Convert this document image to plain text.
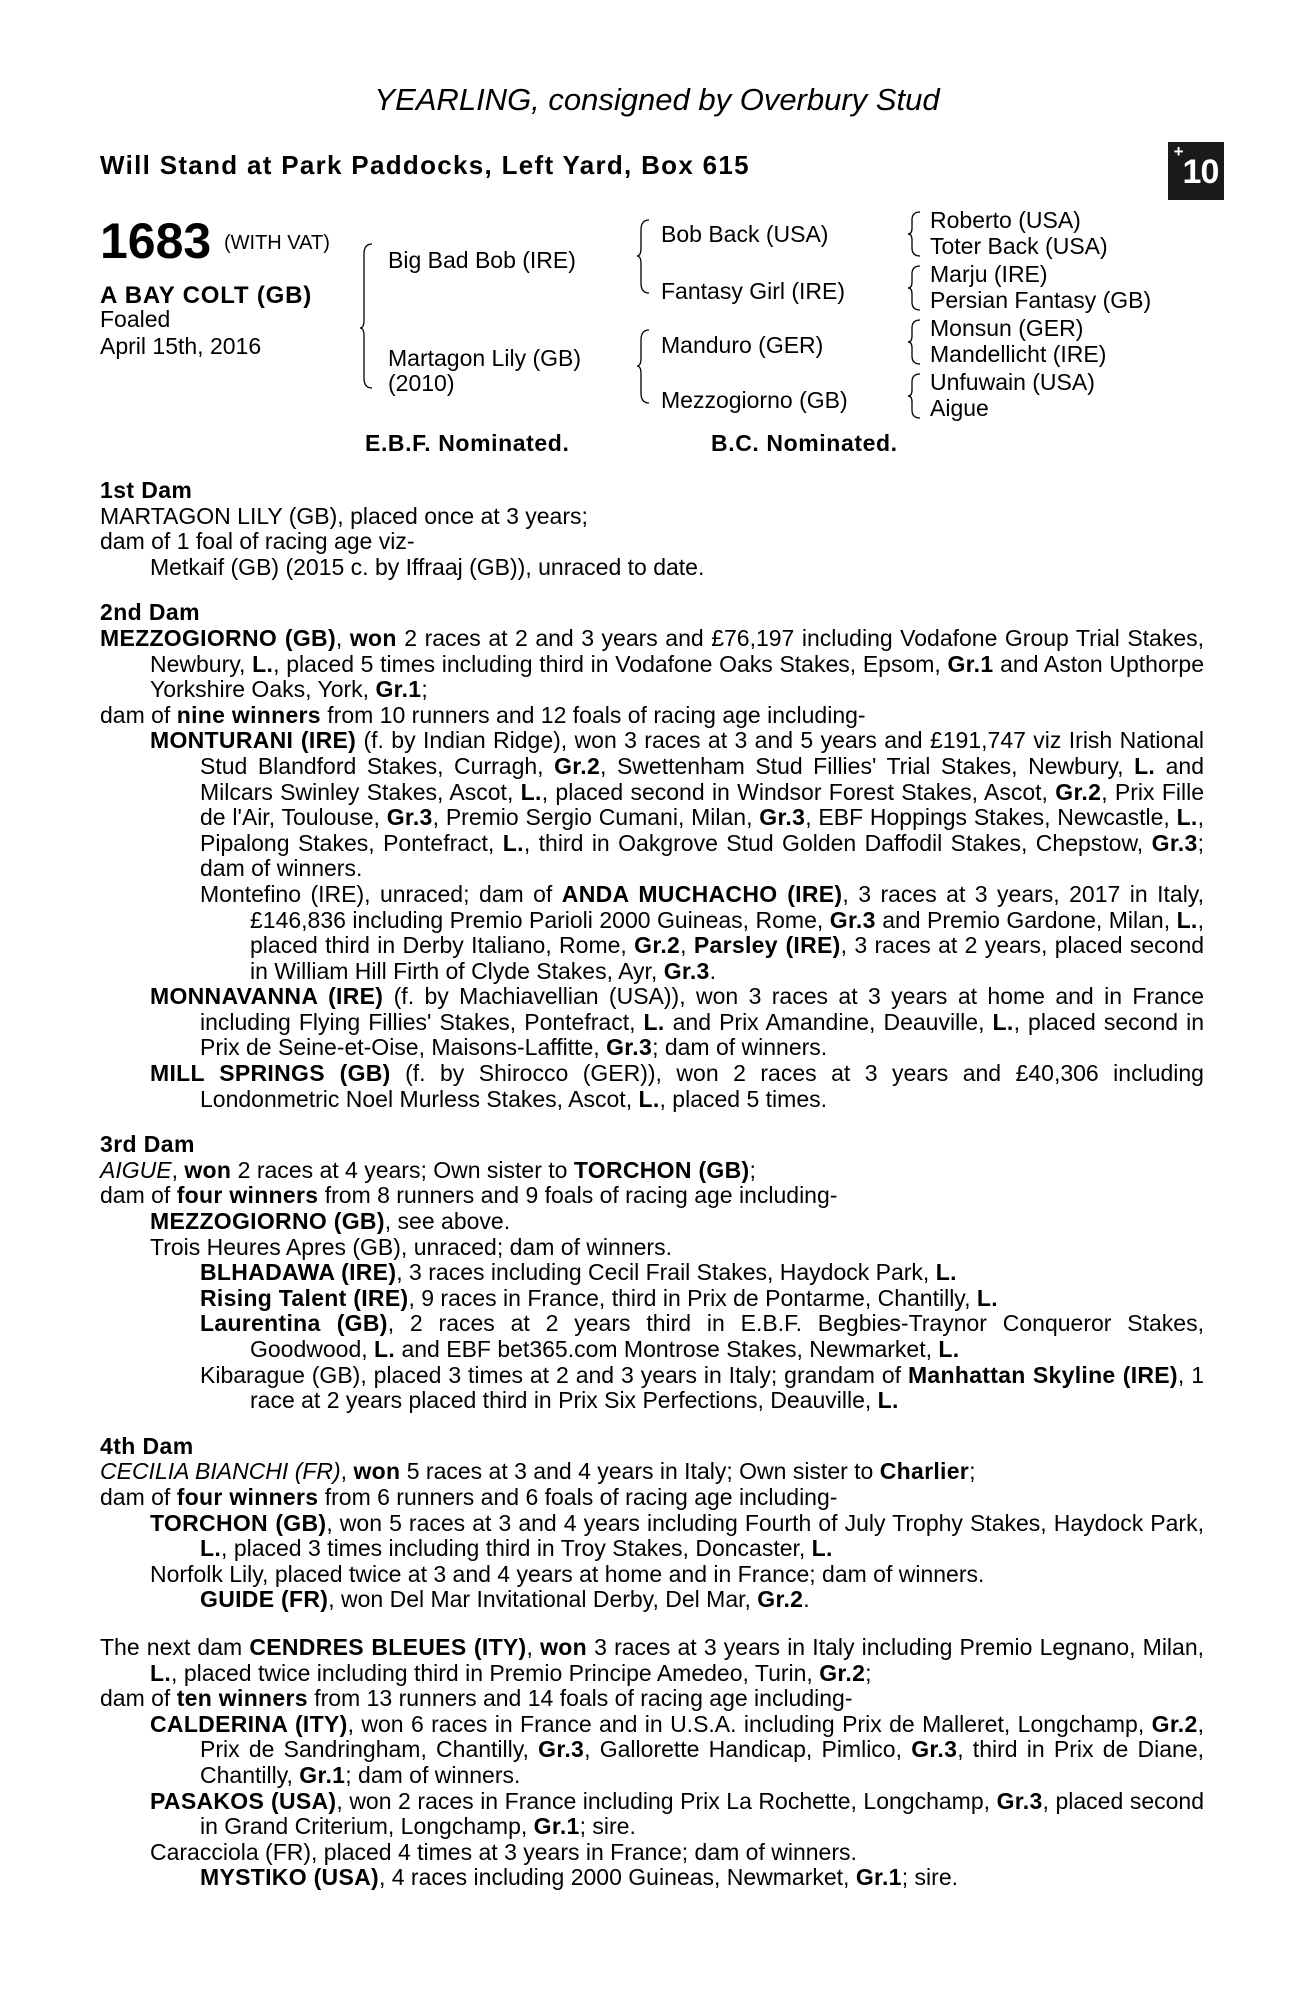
YEARLING, consigned by Overbury Stud
Will Stand at Park Paddocks, Left Yard, Box 615	+10
1683 (WITH VAT)
A BAY COLT (GB)
Foaled
April 15th, 2016
Big Bad Bob (IRE)
Martagon Lily (GB)
(2010)
Bob Back (USA)
Fantasy Girl (IRE)
Manduro (GER)
Mezzogiorno (GB)
Roberto (USA)
Toter Back (USA)
Marju (IRE)
Persian Fantasy (GB)
Monsun (GER)
Mandellicht (IRE)
Unfuwain (USA)
Aigue
E.B.F. Nominated.	B.C. Nominated.
1st Dam

MARTAGON LILY (GB), placed once at 3 years;

dam of 1 foal of racing age viz-

Metkaif (GB) (2015 c. by Iffraaj (GB)), unraced to date.

2nd Dam

MEZZOGIORNO (GB), won 2 races at 2 and 3 years and £76,197 including Vodafone Group Trial Stakes, Newbury, L., placed 5 times including third in Vodafone Oaks Stakes, Epsom, Gr.1 and Aston Upthorpe Yorkshire Oaks, York, Gr.1;

dam of nine winners from 10 runners and 12 foals of racing age including-

MONTURANI (IRE) (f. by Indian Ridge), won 3 races at 3 and 5 years and £191,747 viz Irish National Stud Blandford Stakes, Curragh, Gr.2, Swettenham Stud Fillies' Trial Stakes, Newbury, L. and Milcars Swinley Stakes, Ascot, L., placed second in Windsor Forest Stakes, Ascot, Gr.2, Prix Fille de l'Air, Toulouse, Gr.3, Premio Sergio Cumani, Milan, Gr.3, EBF Hoppings Stakes, Newcastle, L., Pipalong Stakes, Pontefract, L., third in Oakgrove Stud Golden Daffodil Stakes, Chepstow, Gr.3; dam of winners.

Montefino (IRE), unraced; dam of ANDA MUCHACHO (IRE), 3 races at 3 years, 2017 in Italy, £146,836 including Premio Parioli 2000 Guineas, Rome, Gr.3 and Premio Gardone, Milan, L., placed third in Derby Italiano, Rome, Gr.2, Parsley (IRE), 3 races at 2 years, placed second in William Hill Firth of Clyde Stakes, Ayr, Gr.3.

MONNAVANNA (IRE) (f. by Machiavellian (USA)), won 3 races at 3 years at home and in France including Flying Fillies' Stakes, Pontefract, L. and Prix Amandine, Deauville, L., placed second in Prix de Seine-et-Oise, Maisons-Laffitte, Gr.3; dam of winners.

MILL SPRINGS (GB) (f. by Shirocco (GER)), won 2 races at 3 years and £40,306 including Londonmetric Noel Murless Stakes, Ascot, L., placed 5 times.

3rd Dam

AIGUE, won 2 races at 4 years; Own sister to TORCHON (GB);

dam of four winners from 8 runners and 9 foals of racing age including-

MEZZOGIORNO (GB), see above.

Trois Heures Apres (GB), unraced; dam of winners.

BLHADAWA (IRE), 3 races including Cecil Frail Stakes, Haydock Park, L.

Rising Talent (IRE), 9 races in France, third in Prix de Pontarme, Chantilly, L.

Laurentina (GB), 2 races at 2 years third in E.B.F. Begbies-Traynor Conqueror Stakes, Goodwood, L. and EBF bet365.com Montrose Stakes, Newmarket, L.

Kibarague (GB), placed 3 times at 2 and 3 years in Italy; grandam of Manhattan Skyline (IRE), 1 race at 2 years placed third in Prix Six Perfections, Deauville, L.

4th Dam

CECILIA BIANCHI (FR), won 5 races at 3 and 4 years in Italy; Own sister to Charlier;

dam of four winners from 6 runners and 6 foals of racing age including-

TORCHON (GB), won 5 races at 3 and 4 years including Fourth of July Trophy Stakes, Haydock Park, L., placed 3 times including third in Troy Stakes, Doncaster, L.

Norfolk Lily, placed twice at 3 and 4 years at home and in France; dam of winners.

GUIDE (FR), won Del Mar Invitational Derby, Del Mar, Gr.2.

The next dam CENDRES BLEUES (ITY), won 3 races at 3 years in Italy including Premio Legnano, Milan, L., placed twice including third in Premio Principe Amedeo, Turin, Gr.2;

dam of ten winners from 13 runners and 14 foals of racing age including-

CALDERINA (ITY), won 6 races in France and in U.S.A. including Prix de Malleret, Longchamp, Gr.2, Prix de Sandringham, Chantilly, Gr.3, Gallorette Handicap, Pimlico, Gr.3, third in Prix de Diane, Chantilly, Gr.1; dam of winners.

PASAKOS (USA), won 2 races in France including Prix La Rochette, Longchamp, Gr.3, placed second in Grand Criterium, Longchamp, Gr.1; sire.

Caracciola (FR), placed 4 times at 3 years in France; dam of winners.

MYSTIKO (USA), 4 races including 2000 Guineas, Newmarket, Gr.1; sire.
